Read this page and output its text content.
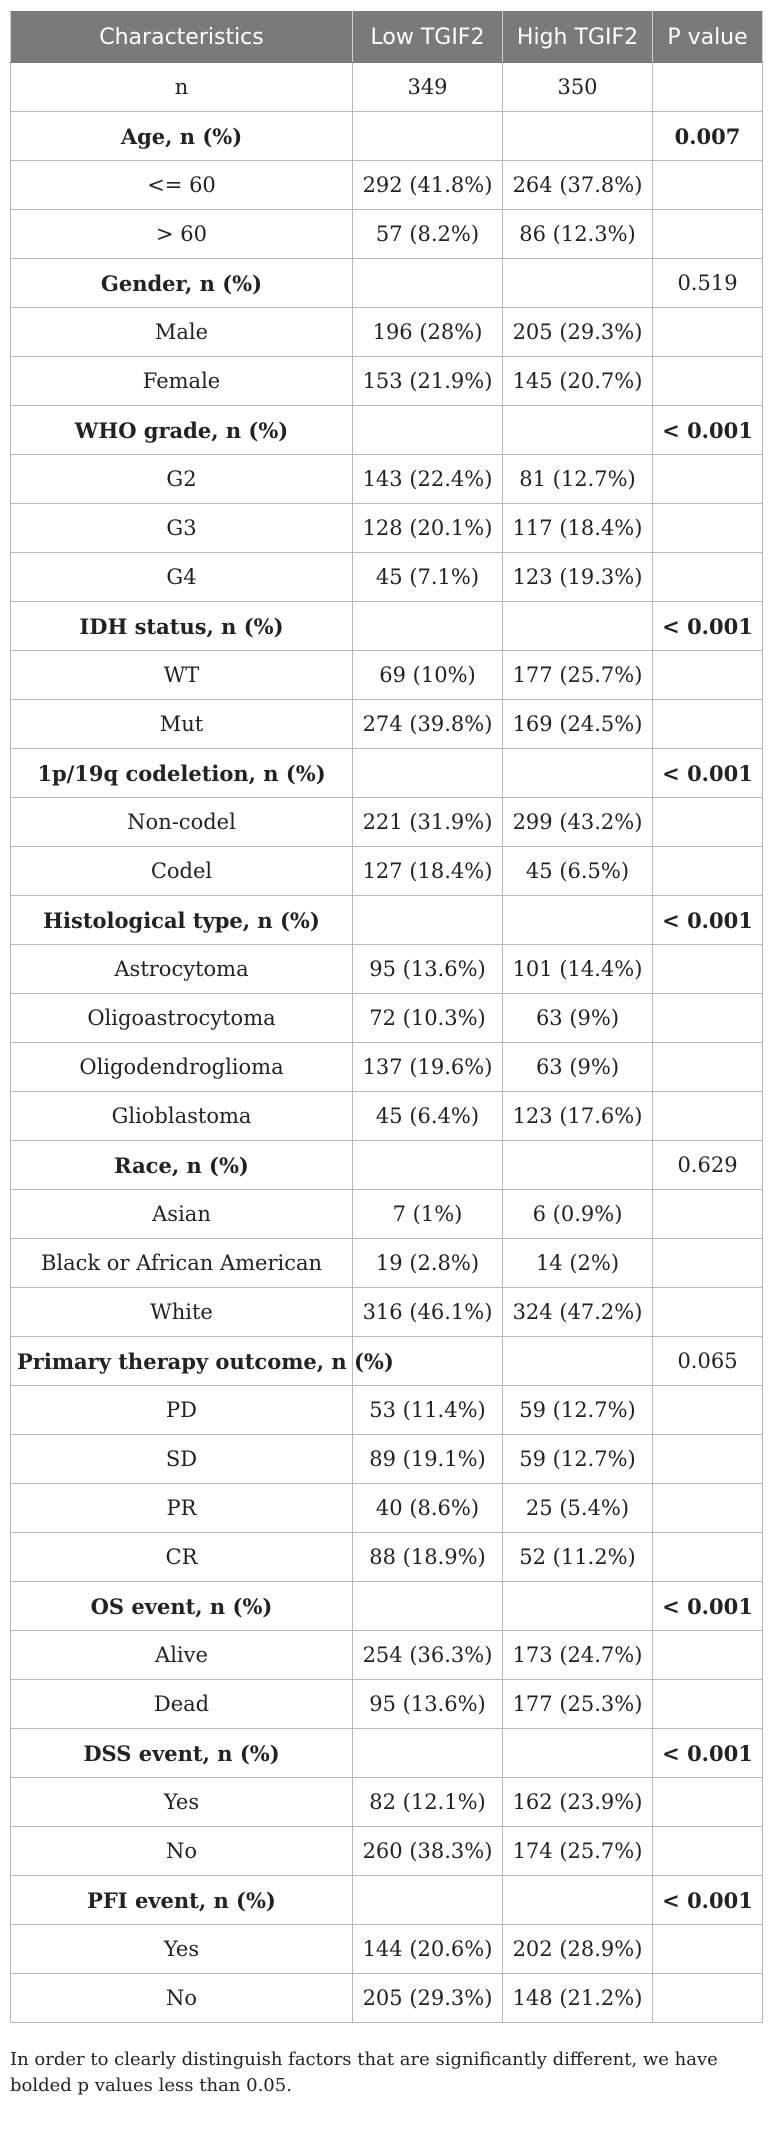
Characteristics	Low TGIF2	High TGIF2	P value
n	349	350	
Age, n (%)			0.007
<= 60	292 (41.8%)	264 (37.8%)	
> 60	57 (8.2%)	86 (12.3%)	
Gender, n (%)			0.519
Male	196 (28%)	205 (29.3%)	
Female	153 (21.9%)	145 (20.7%)	
WHO grade, n (%)			< 0.001
G2	143 (22.4%)	81 (12.7%)	
G3	128 (20.1%)	117 (18.4%)	
G4	45 (7.1%)	123 (19.3%)	
IDH status, n (%)			< 0.001
WT	69 (10%)	177 (25.7%)	
Mut	274 (39.8%)	169 (24.5%)	
1p/19q codeletion, n (%)			< 0.001
Non-codel	221 (31.9%)	299 (43.2%)	
Codel	127 (18.4%)	45 (6.5%)	
Histological type, n (%)			< 0.001
Astrocytoma	95 (13.6%)	101 (14.4%)	
Oligoastrocytoma	72 (10.3%)	63 (9%)	
Oligodendroglioma	137 (19.6%)	63 (9%)	
Glioblastoma	45 (6.4%)	123 (17.6%)	
Race, n (%)			0.629
Asian	7 (1%)	6 (0.9%)	
Black or African American	19 (2.8%)	14 (2%)	
White	316 (46.1%)	324 (47.2%)	
Primary therapy outcome, n (%)			0.065
PD	53 (11.4%)	59 (12.7%)	
SD	89 (19.1%)	59 (12.7%)	
PR	40 (8.6%)	25 (5.4%)	
CR	88 (18.9%)	52 (11.2%)	
OS event, n (%)			< 0.001
Alive	254 (36.3%)	173 (24.7%)	
Dead	95 (13.6%)	177 (25.3%)	
DSS event, n (%)			< 0.001
Yes	82 (12.1%)	162 (23.9%)	
No	260 (38.3%)	174 (25.7%)	
PFI event, n (%)			< 0.001
Yes	144 (20.6%)	202 (28.9%)	
No	205 (29.3%)	148 (21.2%)	
In order to clearly distinguish factors that are significantly different, we have bolded p values less than 0.05.
